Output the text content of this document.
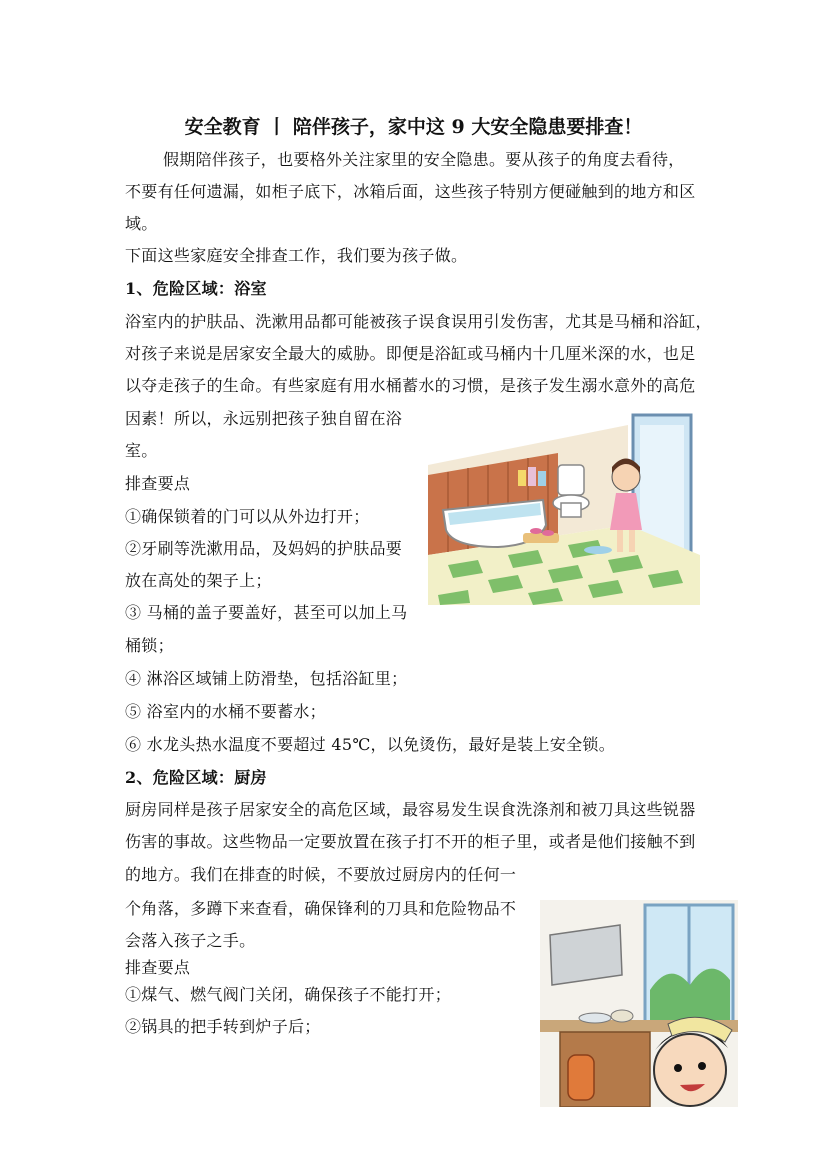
安全教育 丨 陪伴孩子，家中这 9 大安全隐患要排查！
假期陪伴孩子，也要格外关注家里的安全隐患。要从孩子的角度去看待，
不要有任何遗漏，如柜子底下，冰箱后面，这些孩子特别方便碰触到的地方和区
域。
下面这些家庭安全排查工作，我们要为孩子做。
1、危险区域：浴室
浴室内的护肤品、洗漱用品都可能被孩子误食误用引发伤害，尤其是马桶和浴缸，
对孩子来说是居家安全最大的威胁。即便是浴缸或马桶内十几厘米深的水，也足
以夺走孩子的生命。有些家庭有用水桶蓄水的习惯，是孩子发生溺水意外的高危
因素！所以，永远别把孩子独自留在浴
室。
排查要点
①确保锁着的门可以从外边打开；
②牙刷等洗漱用品，及妈妈的护肤品要
放在高处的架子上；
③ 马桶的盖子要盖好，甚至可以加上马
桶锁；
④ 淋浴区域铺上防滑垫，包括浴缸里；
⑤ 浴室内的水桶不要蓄水；
⑥ 水龙头热水温度不要超过 45℃，以免烫伤，最好是装上安全锁。
2、危险区域：厨房
厨房同样是孩子居家安全的高危区域，最容易发生误食洗涤剂和被刀具这些锐器
伤害的事故。这些物品一定要放置在孩子打不开的柜子里，或者是他们接触不到
的地方。我们在排查的时候，不要放过厨房内的任何一
个角落，多蹲下来查看，确保锋利的刀具和危险物品不
会落入孩子之手。
排查要点
①煤气、燃气阀门关闭，确保孩子不能打开；
②锅具的把手转到炉子后；
